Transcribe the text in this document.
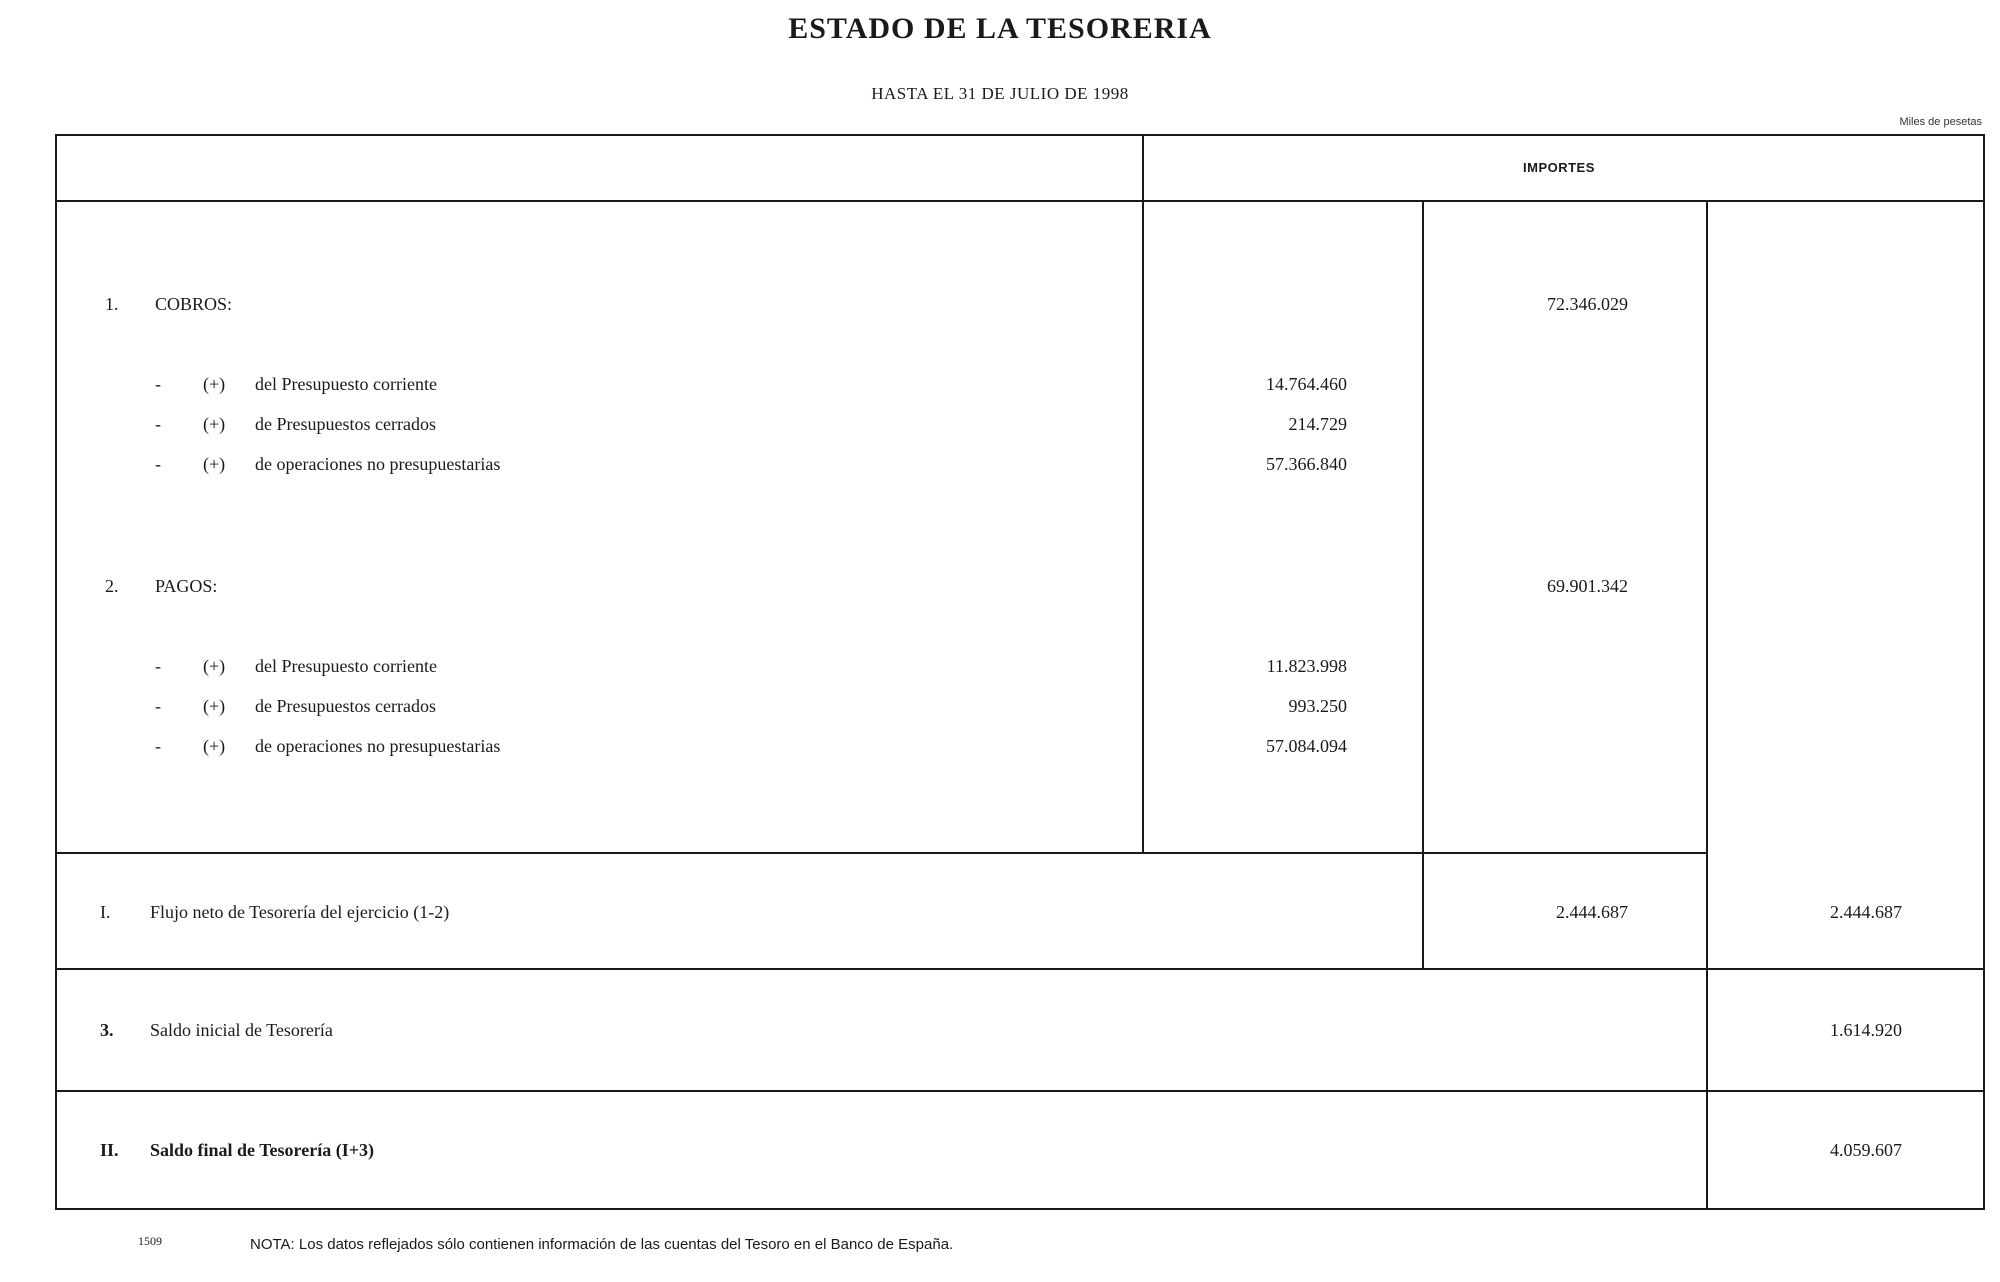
ESTADO DE LA TESORERIA
HASTA EL 31 DE JULIO DE 1998
Miles de pesetas
IMPORTES
1. COBROS:	72.346.029
- (+) del Presupuesto corriente	14.764.460
- (+) de Presupuestos cerrados	214.729
- (+) de operaciones no presupuestarias	57.366.840
2. PAGOS:	69.901.342
- (+) del Presupuesto corriente	11.823.998
- (+) de Presupuestos cerrados	993.250
- (+) de operaciones no presupuestarias	57.084.094
I. Flujo neto de Tesorería del ejercicio (1-2)	2.444.687	2.444.687
3. Saldo inicial de Tesorería	1.614.920
II. Saldo final de Tesorería (I+3)	4.059.607
1509	NOTA: Los datos reflejados sólo contienen información de las cuentas del Tesoro en el Banco de España.
